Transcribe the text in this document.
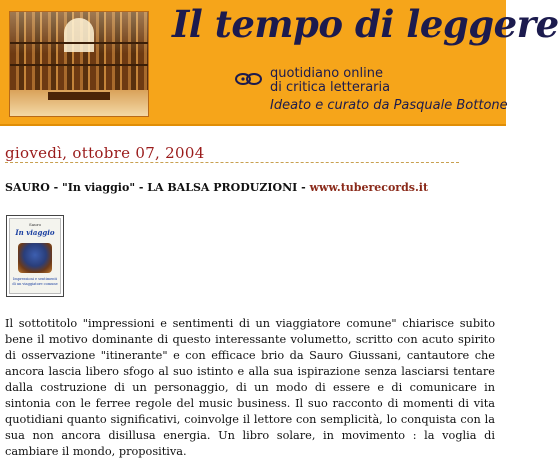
Il tempo di leggere
quotidiano online
di critica letteraria
Ideato e curato da Pasquale Bottone
giovedì, ottobre 07, 2004
SAURO - "In viaggio" - LA BALSA PRODUZIONI - www.tuberecords.it
Sauro
In viaggio
Impressioni e sentimenti
di un viaggiatore comune
Il sottotitolo "impressioni e sentimenti di un viaggiatore comune" chiarisce subito bene il motivo dominante di questo interessante volumetto, scritto con acuto spirito di osservazione "itinerante" e con efficace brio da Sauro Giussani, cantautore che ancora lascia libero sfogo al suo istinto e alla sua ispirazione senza lasciarsi tentare dalla costruzione di un personaggio, di un modo di essere e di comunicare in sintonia con le ferree regole del music business. Il suo racconto di momenti di vita quotidiani quanto significativi, coinvolge il lettore con semplicità, lo conquista con la sua non ancora disillusa energia. Un libro solare, in movimento : la voglia di cambiare il mondo, propositiva.
